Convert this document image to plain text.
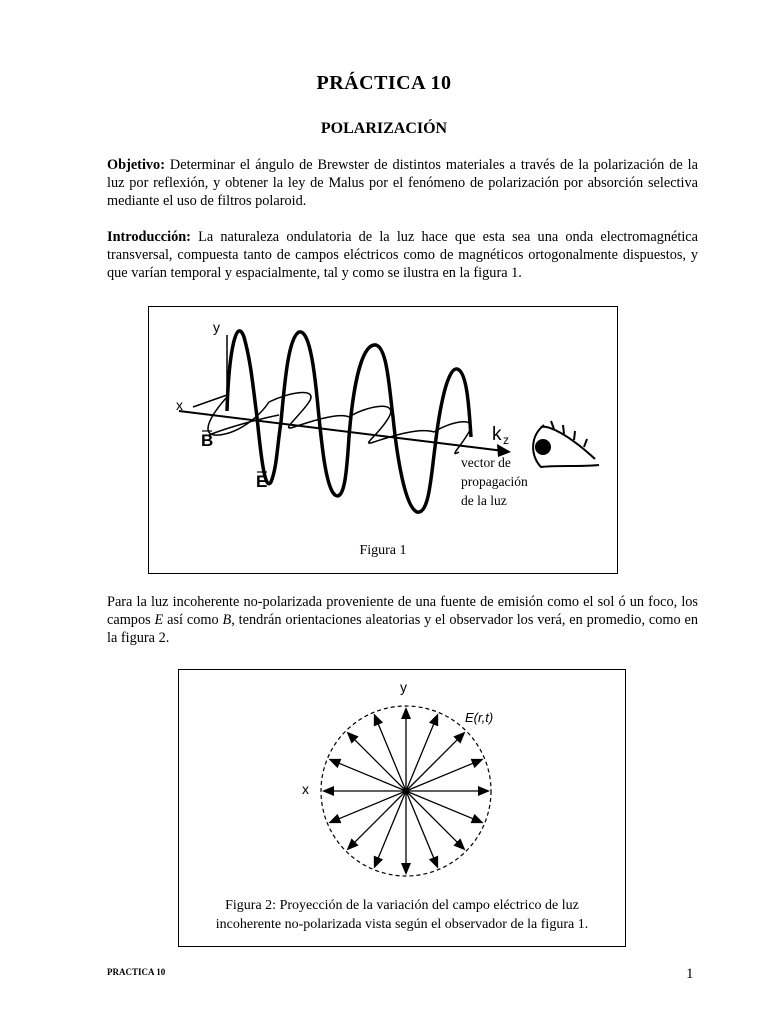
PRÁCTICA 10
POLARIZACIÓN
Objetivo: Determinar el ángulo de Brewster de distintos materiales a través de la polarización de la luz por reflexión, y obtener la ley de Malus por el fenómeno de polarización por absorción selectiva mediante el uso de filtros polaroid.
Introducción: La naturaleza ondulatoria de la luz hace que esta sea una onda electromagnética transversal, compuesta tanto de campos eléctricos como de magnéticos ortogonalmente dispuestos, y que varían temporal y espacialmente, tal y como se ilustra en la figura 1.
y
x
B
E
k z
vector de
propagación
de la luz
Figura 1
Para la luz incoherente no-polarizada proveniente de una fuente de emisión como el sol ó un foco, los campos E así como B, tendrán orientaciones aleatorias y el observador los verá, en promedio, como en la figura 2.
y
x
E(r,t)
Figura 2: Proyección de la variación del campo eléctrico de luz
incoherente no-polarizada vista según el observador de la figura 1.
PRACTICA 10	1
